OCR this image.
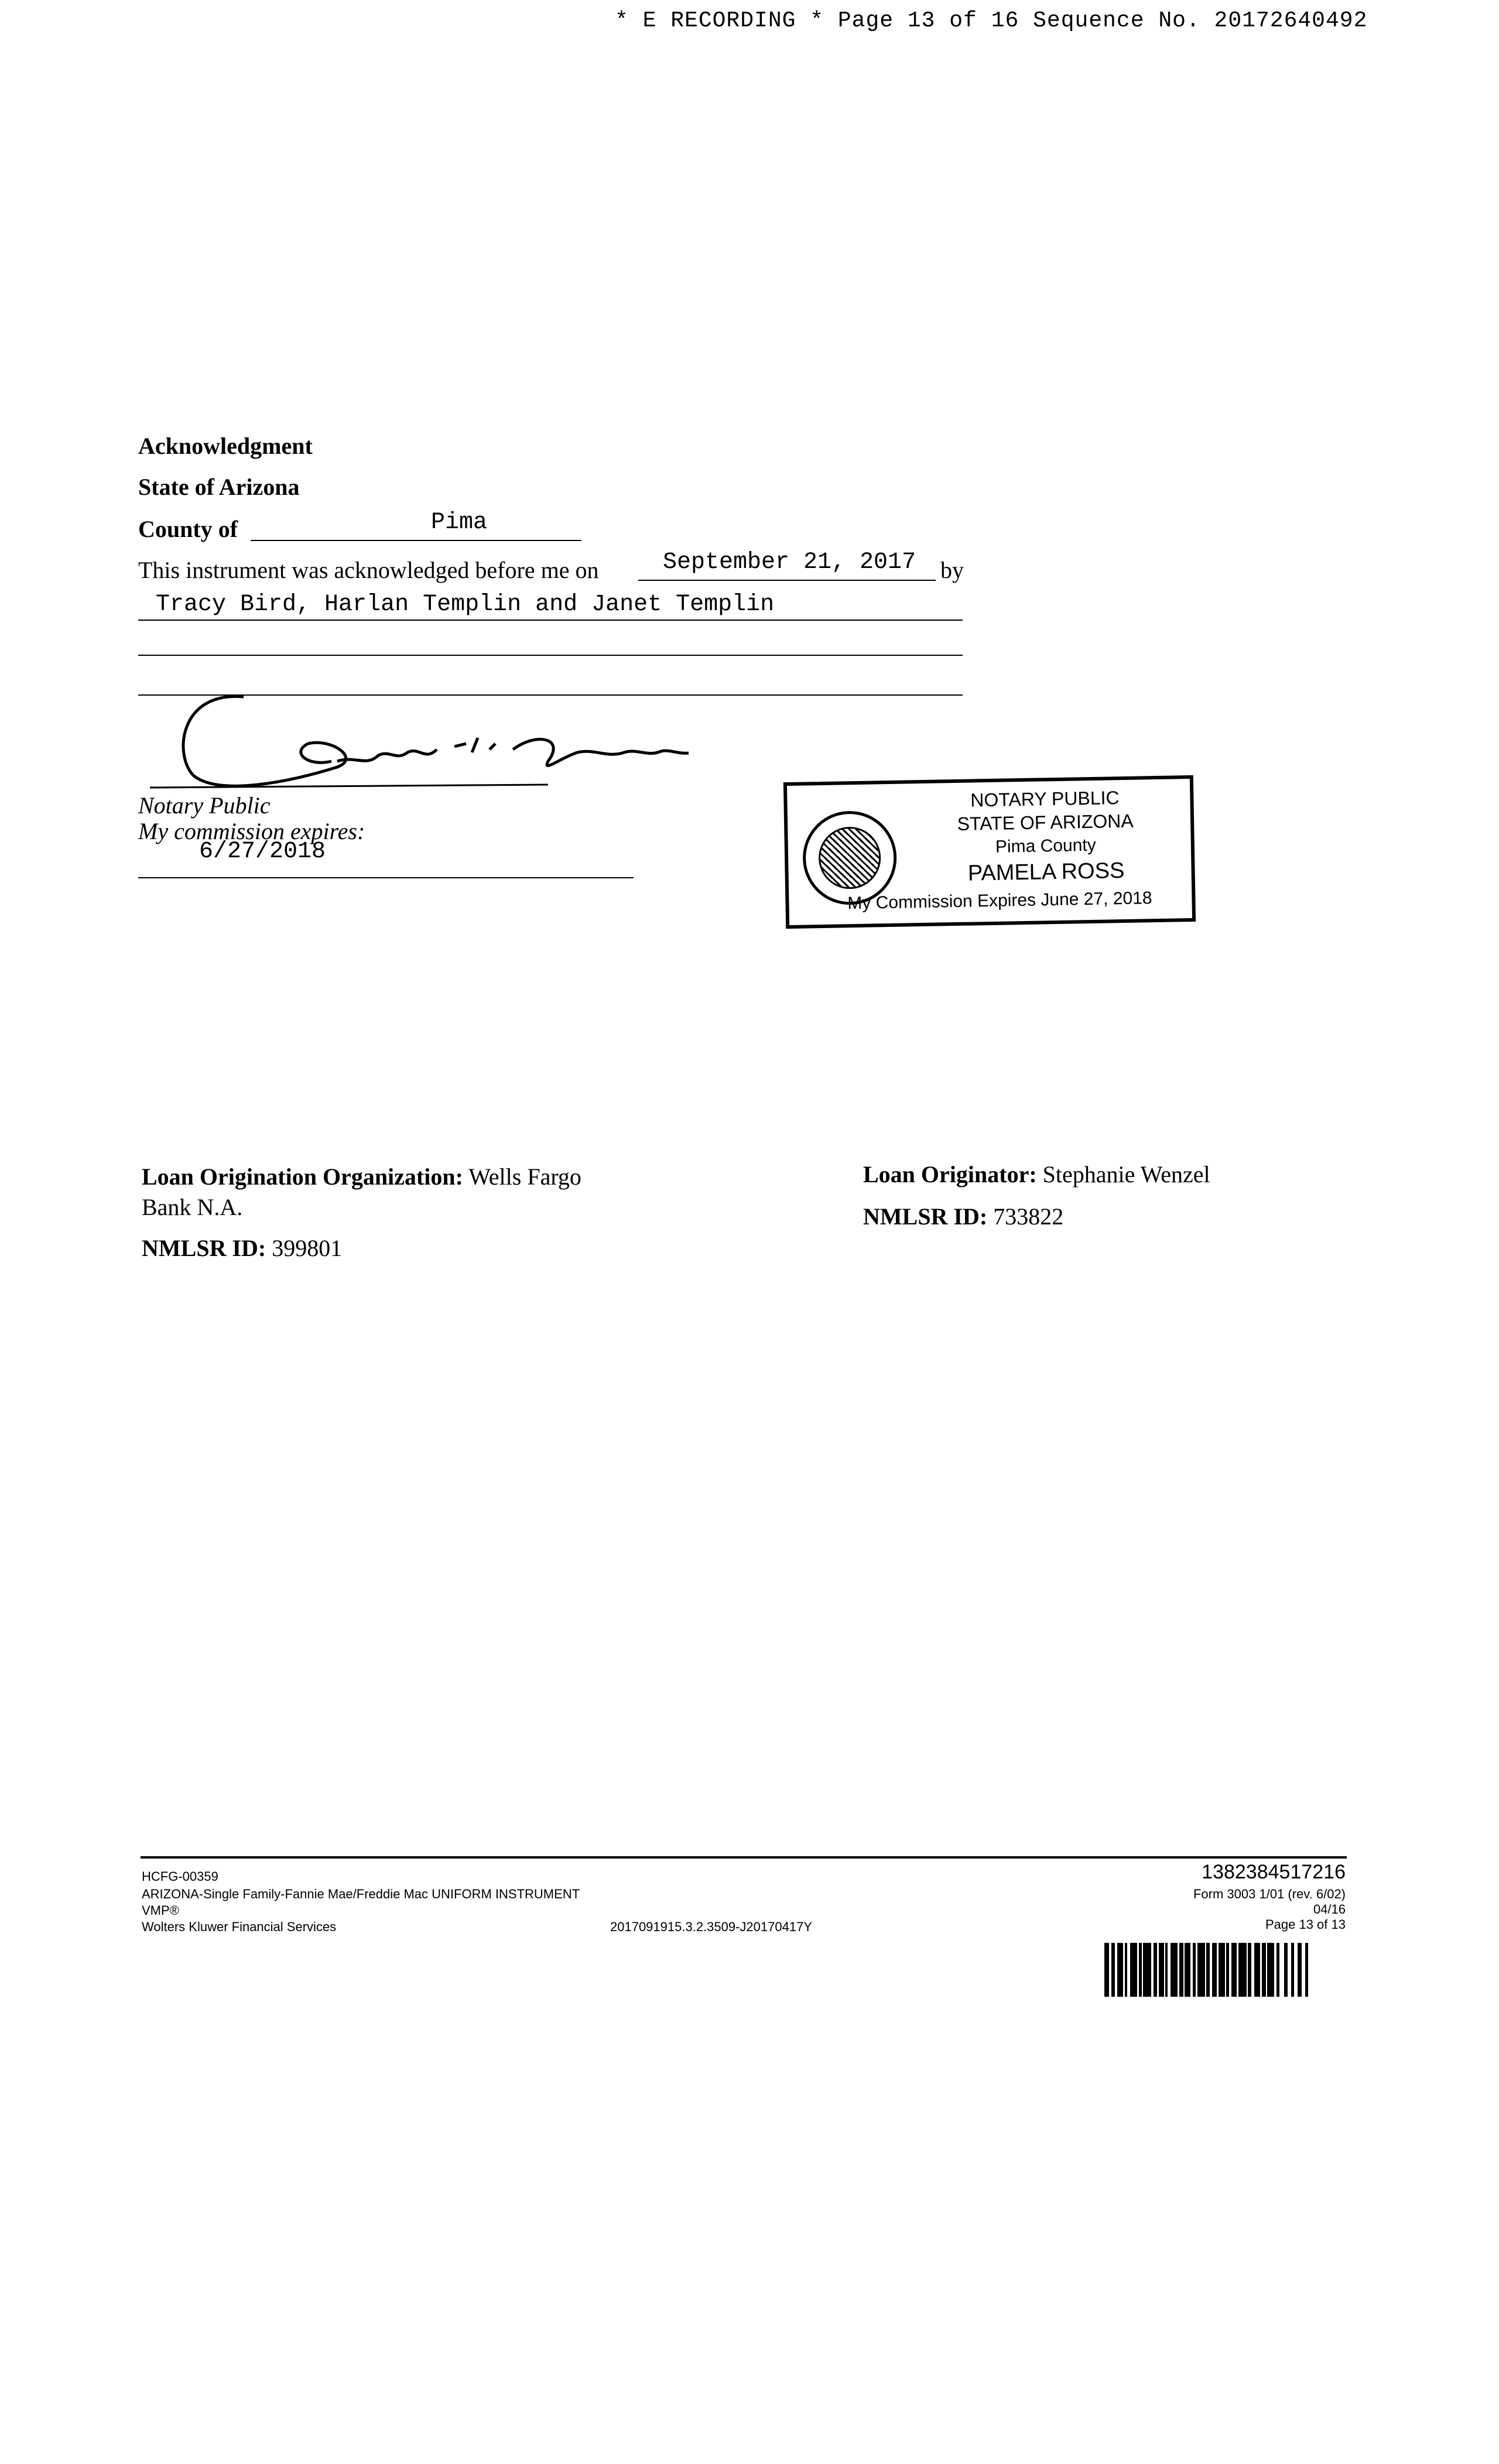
* E RECORDING * Page 13 of 16 Sequence No. 20172640492
Acknowledgment
State of Arizona
County of	Pima
This instrument was acknowledged before me on	September 21, 2017 by
Tracy Bird, Harlan Templin and Janet Templin
Notary Public
My commission expires:
6/27/2018
NOTARY PUBLIC
STATE OF ARIZONA
Pima County
PAMELA ROSS
My Commission Expires June 27, 2018
Loan Origination Organization: Wells Fargo
Bank N.A.
NMLSR ID: 399801
Loan Originator: Stephanie Wenzel
NMLSR ID: 733822
HCFG-00359
ARIZONA-Single Family-Fannie Mae/Freddie Mac UNIFORM INSTRUMENT
VMP®
Wolters Kluwer Financial Services	2017091915.3.2.3509-J20170417Y
1382384517216
Form 3003 1/01 (rev. 6/02)
04/16
Page 13 of 13
